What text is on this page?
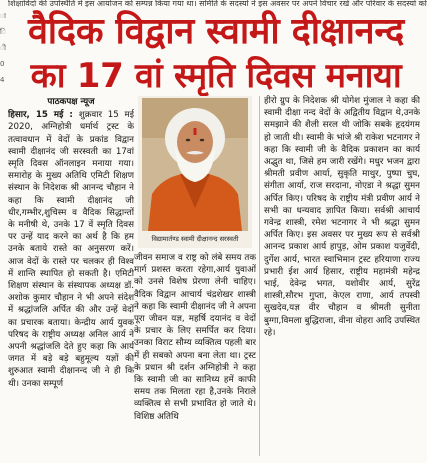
शिक्षाविदों की उपस्थिति में इस आयोजन को सम्पन्न किया गया था। समिति के सदस्यों ने इस अवसर पर अपने विचार रखे और परिवार के सदस्यों को
ा
ि
ी
0
4
वैदिक विद्वान स्वामी दीक्षानन्द
का 17 वां स्मृति दिवस मनाया

पाठकपक्ष न्यूज

हिसार, 15 मई : शुक्रवार 15 मई 2020, अग्निहोत्री धर्मार्थ ट्रस्ट के तत्वावधान में वेदों के प्रकांड विद्वान स्वामी दीक्षानंद जी सरस्वती का 17वां स्मृति दिवस ऑनलाइन मनाया गया। समारोह के मुख्य अतिथि एमिटी शिक्षण संस्थान के निदेशक श्री आनन्द चौहान ने कहा कि स्वामी दीक्षानंद जी धीर,गम्भीर,शुचिस्म व वैदिक सिद्धान्तों के मनीषी थे, उनके 17 वें स्मृति दिवस पर उन्हें याद करने का अर्थ है कि हम उनके बताये रास्ते का अनुसरण करें। आज वेदों के रास्ते पर चलकर ही विश्व में शान्ति स्थापित हो सकती है। एमिटी शिक्षण संस्थान के संस्थापक अध्यक्ष डॉ. अशोक कुमार चौहान ने भी अपने संदेश में श्रद्धांजलि अर्पित की और उन्हें वेदों का प्रचारक बताया। केन्द्रीय आर्य युवक परिषद के राष्ट्रीय अध्यक्ष अनिल आर्य ने अपनी श्रद्धांजलि देते हुए कहा कि आर्य जगत में बड़े बड़े बहुमूल्य यज्ञों की शुरुआत स्वामी दीक्षानन्द जी ने ही कि थी। उनका सम्पूर्ण

विद्यामार्तण्ड स्वामी दीक्षानन्द सरस्वती

जीवन समाज व राष्ट्र को लंबे समय तक मार्ग प्रशस्त करता रहेगा,आर्य युवाओं को उनसे विशेष प्रेरणा लेनी चाहिए। वैदिक विद्वान आचार्य चंद्रशेखर शास्त्री ने कहा कि स्वामी दीक्षानंद जी ने अपना पूरा जीवन यज्ञ, महर्षि दयानंद व वेदों के प्रचार के लिए समर्पित कर दिया। उनका विराट सौम्य व्यक्तित्व पहली बार में ही सबको अपना बना लेता था। ट्रस्ट के प्रधान श्री दर्शन अग्निहोत्री ने कहा कि स्वामी जी का सानिध्य हमें काफी समय तक मिलता रहा है,उनके निराले व्यक्तित्व से सभी प्रभावित हो जाते थे। विशिष्ठ अतिथि

हीरो ग्रुप के निदेशक श्री योगेश मुंजाल ने कहा की स्वामी दीक्षा नन्द वेदों के अद्वितीय विद्वान थे,उनके समझाने की शैली सरल थी जोकि सबके हृदयंगम हो जाती थी। स्वामी के भांजे श्री राकेश भटनागर ने कहा कि स्वामी जी के वैदिक प्रकाशन का कार्य अद्भुत था, जिसे हम जारी रखेंगे। मधुर भजन द्वारा श्रीमती प्रवीण आर्या, सुकृति माथुर, पुष्पा चुघ, संगीता आर्या, राज सरदाना, नोएडा ने श्रद्धा सुमन अर्पित किए। परिषद के राष्ट्रीय मंत्री प्रवीण आर्य ने सभी का धन्यवाद ज्ञापित किया। सर्वश्री आचार्य गवेन्द्र शास्त्री, रमेश भटनागर ने भी श्रद्धा सुमन अर्पित किए। इस अवसर पर मुख्य रूप से सर्वश्री आनन्द प्रकाश आर्य हापुड़, ओम प्रकाश यजुर्वेदी, दुर्गेश आर्य, भारत स्वाभिमान ट्रस्ट हरियाणा राज्य प्रभारी ईश आर्य हिसार, राष्ट्रीय महामंत्री महेन्द्र भाई, देवेन्द्र भगत, यशोवीर आर्य, सुरेंद्र शास्त्री,सौरभ गुप्ता, केएल राणा, आर्य तपस्वी सुखदेव,यज्ञ वीर चौहान व श्रीमती सुनीता बुग्गा,विमला बुद्धिराजा, वीना वोहरा आदि उपस्थित रहे।
